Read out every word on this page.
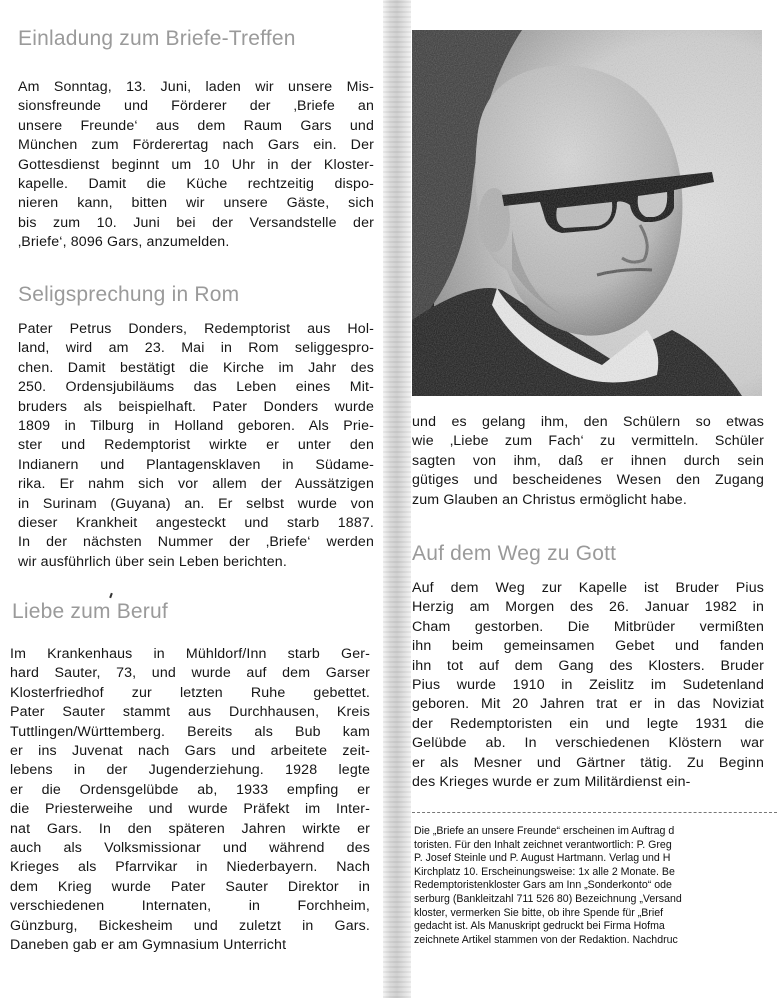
Einladung zum Briefe-Treffen
Am Sonntag, 13. Juni, laden wir unsere Mis-
sionsfreunde und Förderer der ‚Briefe an
unsere Freunde‘ aus dem Raum Gars und
München zum Förderertag nach Gars ein. Der
Gottesdienst beginnt um 10 Uhr in der Kloster-
kapelle. Damit die Küche rechtzeitig dispo-
nieren kann, bitten wir unsere Gäste, sich
bis zum 10. Juni bei der Versandstelle der
‚Briefe‘, 8096 Gars, anzumelden.
Seligsprechung in Rom
Pater Petrus Donders, Redemptorist aus Hol-
land, wird am 23. Mai in Rom seliggespro-
chen. Damit bestätigt die Kirche im Jahr des
250. Ordensjubiläums das Leben eines Mit-
bruders als beispielhaft. Pater Donders wurde
1809 in Tilburg in Holland geboren. Als Prie-
ster und Redemptorist wirkte er unter den
Indianern und Plantagensklaven in Südame-
rika. Er nahm sich vor allem der Aussätzigen
in Surinam (Guyana) an. Er selbst wurde von
dieser Krankheit angesteckt und starb 1887.
In der nächsten Nummer der ‚Briefe‘ werden
wir ausführlich über sein Leben berichten.
Liebe zum Beruf
Im Krankenhaus in Mühldorf/Inn starb Ger-
hard Sauter, 73, und wurde auf dem Garser
Klosterfriedhof zur letzten Ruhe gebettet.
Pater Sauter stammt aus Durchhausen, Kreis
Tuttlingen/Württemberg. Bereits als Bub kam
er ins Juvenat nach Gars und arbeitete zeit-
lebens in der Jugenderziehung. 1928 legte
er die Ordensgelübde ab, 1933 empfing er
die Priesterweihe und wurde Präfekt im Inter-
nat Gars. In den späteren Jahren wirkte er
auch als Volksmissionar und während des
Krieges als Pfarrvikar in Niederbayern. Nach
dem Krieg wurde Pater Sauter Direktor in
verschiedenen Internaten, in Forchheim,
Günzburg, Bickesheim und zuletzt in Gars.
Daneben gab er am Gymnasium Unterricht
und es gelang ihm, den Schülern so etwas
wie ‚Liebe zum Fach‘ zu vermitteln. Schüler
sagten von ihm, daß er ihnen durch sein
gütiges und bescheidenes Wesen den Zugang
zum Glauben an Christus ermöglicht habe.
Auf dem Weg zu Gott
Auf dem Weg zur Kapelle ist Bruder Pius
Herzig am Morgen des 26. Januar 1982 in
Cham gestorben. Die Mitbrüder vermißten
ihn beim gemeinsamen Gebet und fanden
ihn tot auf dem Gang des Klosters. Bruder
Pius wurde 1910 in Zeislitz im Sudetenland
geboren. Mit 20 Jahren trat er in das Noviziat
der Redemptoristen ein und legte 1931 die
Gelübde ab. In verschiedenen Klöstern war
er als Mesner und Gärtner tätig. Zu Beginn
des Krieges wurde er zum Militärdienst ein-
Die „Briefe an unsere Freunde“ erscheinen im Auftrag d
toristen. Für den Inhalt zeichnet verantwortlich: P. Greg
P. Josef Steinle und P. August Hartmann. Verlag und H
Kirchplatz 10. Erscheinungsweise: 1x alle 2 Monate. Be
Redemptoristenkloster Gars am Inn „Sonderkonto“ ode
serburg (Bankleitzahl 711 526 80) Bezeichnung „Versand
kloster, vermerken Sie bitte, ob ihre Spende für „Brief
gedacht ist. Als Manuskript gedruckt bei Firma Hofma
zeichnete Artikel stammen von der Redaktion. Nachdruc
